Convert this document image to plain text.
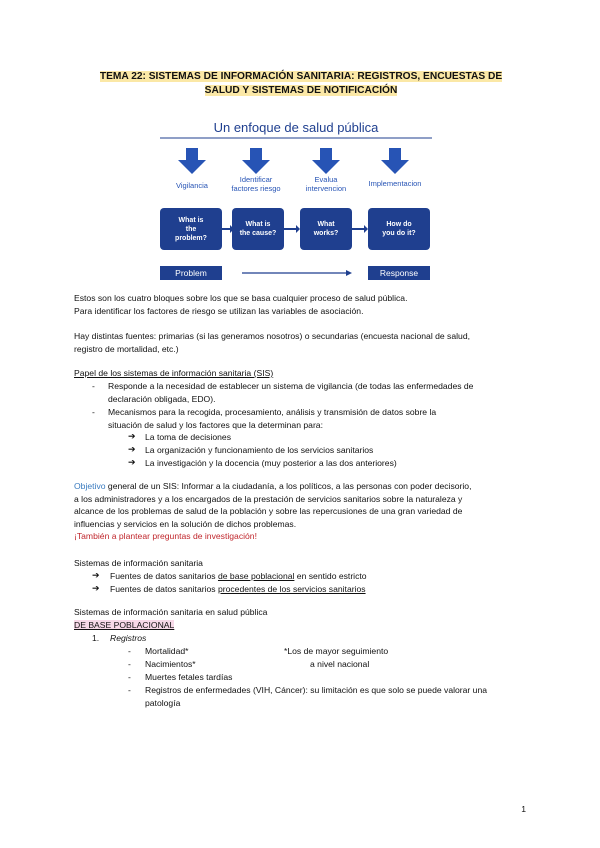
TEMA 22: SISTEMAS DE INFORMACIÓN SANITARIA: REGISTROS, ENCUESTAS DE
SALUD Y SISTEMAS DE NOTIFICACIÓN
Un enfoque de salud pública
Vigilancia
Identificar
factores riesgo
Evalua
intervencion
Implementacion
What is
the
problem?
What is
the cause?
What
works?
How do
you do it?
Problem	Response
Estos son los cuatro bloques sobre los que se basa cualquier proceso de salud pública.
Para identificar los factores de riesgo se utilizan las variables de asociación.
Hay distintas fuentes: primarias (si las generamos nosotros) o secundarias (encuesta nacional de salud,
registro de mortalidad, etc.)
Papel de los sistemas de información sanitaria (SIS)
- Responde a la necesidad de establecer un sistema de vigilancia (de todas las enfermedades de
declaración obligada, EDO).
- Mecanismos para la recogida, procesamiento, análisis y transmisión de datos sobre la
situación de salud y los factores que la determinan para:
➔ La toma de decisiones
➔ La organización y funcionamiento de los servicios sanitarios
➔ La investigación y la docencia (muy posterior a las dos anteriores)
Objetivo general de un SIS: Informar a la ciudadanía, a los políticos, a las personas con poder decisorio,
a los administradores y a los encargados de la prestación de servicios sanitarios sobre la naturaleza y
alcance de los problemas de salud de la población y sobre las repercusiones de una gran variedad de
influencias y servicios en la solución de dichos problemas.
¡También a plantear preguntas de investigación!
Sistemas de información sanitaria
➔ Fuentes de datos sanitarios de base poblacional en sentido estricto
➔ Fuentes de datos sanitarios procedentes de los servicios sanitarios
Sistemas de información sanitaria en salud pública
DE BASE POBLACIONAL
1. Registros
- Mortalidad*	*Los de mayor seguimiento
- Nacimientos*	a nivel nacional
- Muertes fetales tardías
- Registros de enfermedades (VIH, Cáncer): su limitación es que solo se puede valorar una
patología
1
